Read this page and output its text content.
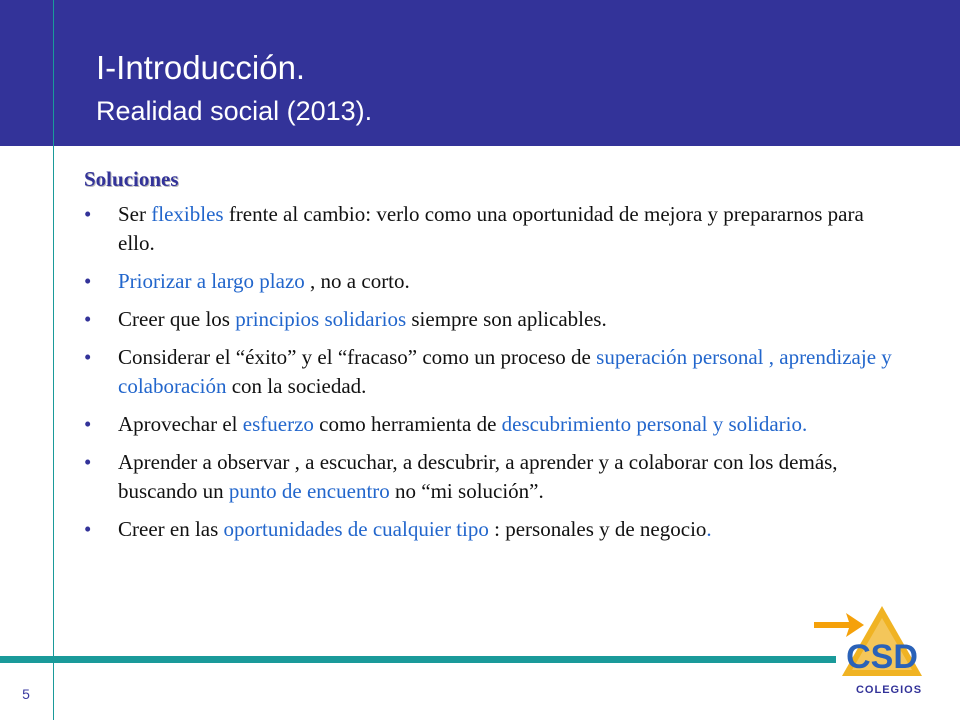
I-Introducción.
Realidad social (2013).
Soluciones
• Ser flexibles frente al cambio: verlo como una oportunidad de mejora y prepararnos para ello.
• Priorizar a largo plazo , no a corto.
• Creer que los principios solidarios siempre son aplicables.
• Considerar el “éxito” y el “fracaso” como un proceso de superación personal , aprendizaje y colaboración con la sociedad.
• Aprovechar el esfuerzo como herramienta de descubrimiento personal y solidario.
• Aprender a observar , a escuchar, a descubrir, a aprender y a colaborar con los demás, buscando un punto de encuentro no “mi solución”.
• Creer en las oportunidades de cualquier tipo : personales y de negocio.
5
CSD
COLEGIOS
